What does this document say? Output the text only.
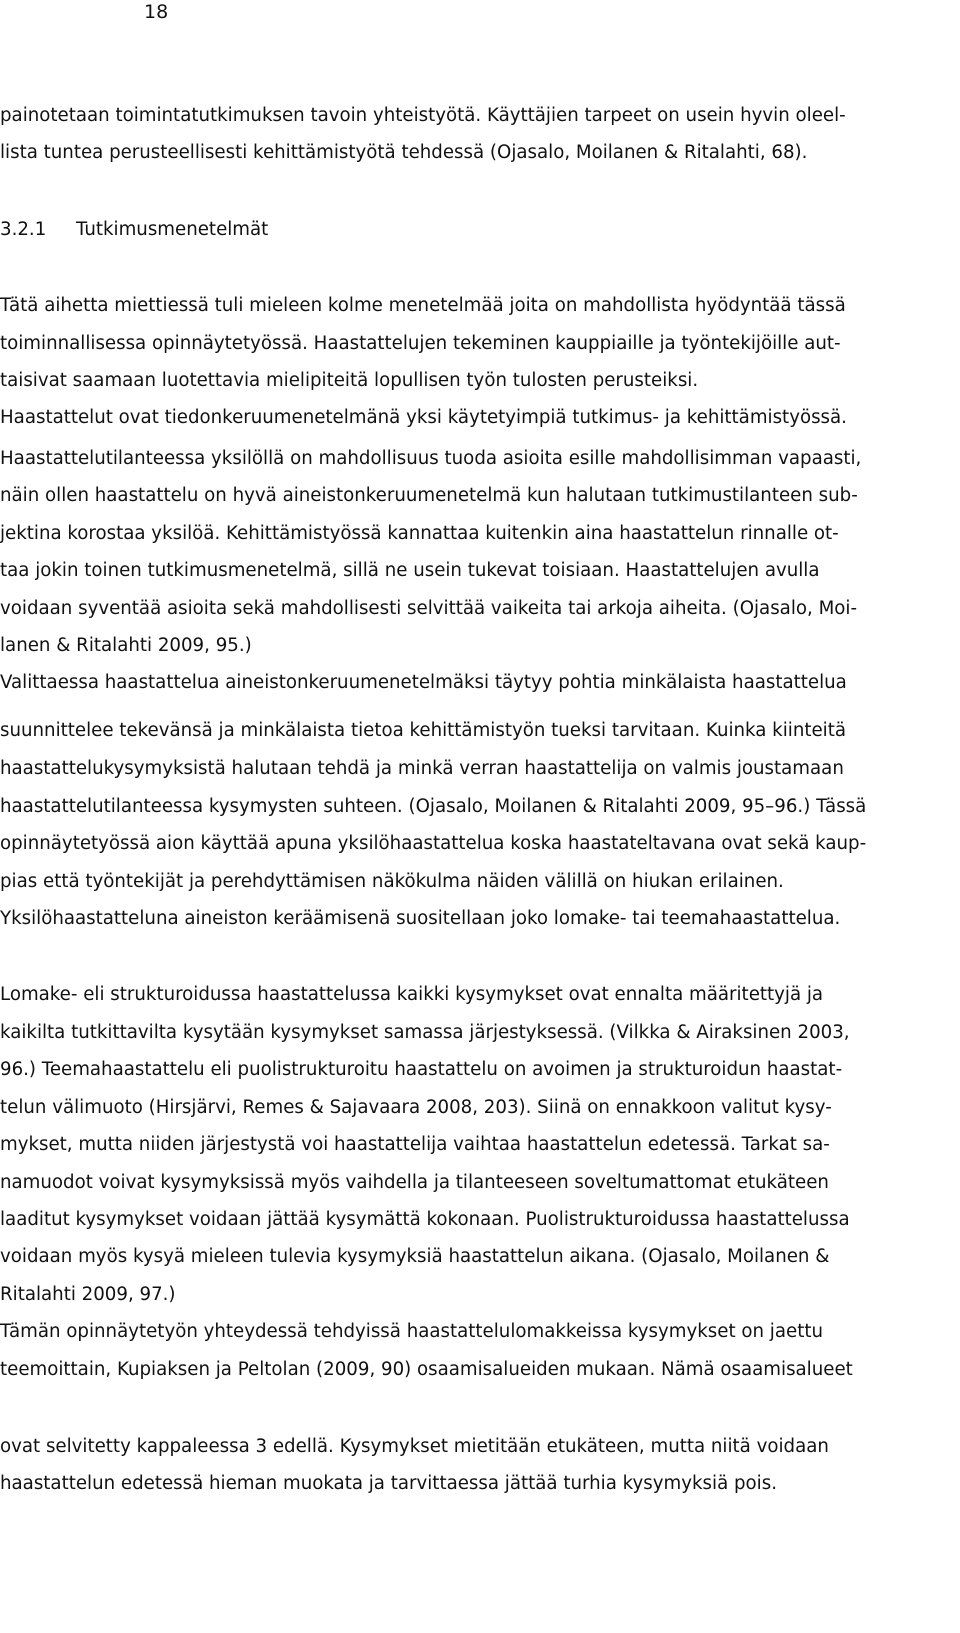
18
painotetaan toimintatutkimuksen tavoin yhteistyötä. Käyttäjien tarpeet on usein hyvin oleel-
lista tuntea perusteellisesti kehittämistyötä tehdessä (Ojasalo, Moilanen & Ritalahti, 68).
3.2.1 Tutkimusmenetelmät
Tätä aihetta miettiessä tuli mieleen kolme menetelmää joita on mahdollista hyödyntää tässä
toiminnallisessa opinnäytetyössä. Haastattelujen tekeminen kauppiaille ja työntekijöille aut-
taisivat saamaan luotettavia mielipiteitä lopullisen työn tulosten perusteiksi.
Haastattelut ovat tiedonkeruumenetelmänä yksi käytetyimpiä tutkimus- ja kehittämistyössä.
Haastattelutilanteessa yksilöllä on mahdollisuus tuoda asioita esille mahdollisimman vapaasti,
näin ollen haastattelu on hyvä aineistonkeruumenetelmä kun halutaan tutkimustilanteen sub-
jektina korostaa yksilöä. Kehittämistyössä kannattaa kuitenkin aina haastattelun rinnalle ot-
taa jokin toinen tutkimusmenetelmä, sillä ne usein tukevat toisiaan. Haastattelujen avulla
voidaan syventää asioita sekä mahdollisesti selvittää vaikeita tai arkoja aiheita. (Ojasalo, Moi-
lanen & Ritalahti 2009, 95.)
Valittaessa haastattelua aineistonkeruumenetelmäksi täytyy pohtia minkälaista haastattelua
suunnittelee tekevänsä ja minkälaista tietoa kehittämistyön tueksi tarvitaan. Kuinka kiinteitä
haastattelukysymyksistä halutaan tehdä ja minkä verran haastattelija on valmis joustamaan
haastattelutilanteessa kysymysten suhteen. (Ojasalo, Moilanen & Ritalahti 2009, 95–96.) Tässä
opinnäytetyössä aion käyttää apuna yksilöhaastattelua koska haastateltavana ovat sekä kaup-
pias että työntekijät ja perehdyttämisen näkökulma näiden välillä on hiukan erilainen.
Yksilöhaastatteluna aineiston keräämisenä suositellaan joko lomake- tai teemahaastattelua.
Lomake- eli strukturoidussa haastattelussa kaikki kysymykset ovat ennalta määritettyjä ja
kaikilta tutkittavilta kysytään kysymykset samassa järjestyksessä. (Vilkka & Airaksinen 2003,
96.) Teemahaastattelu eli puolistrukturoitu haastattelu on avoimen ja strukturoidun haastat-
telun välimuoto (Hirsjärvi, Remes & Sajavaara 2008, 203). Siinä on ennakkoon valitut kysy-
mykset, mutta niiden järjestystä voi haastattelija vaihtaa haastattelun edetessä. Tarkat sa-
namuodot voivat kysymyksissä myös vaihdella ja tilanteeseen soveltumattomat etukäteen
laaditut kysymykset voidaan jättää kysymättä kokonaan. Puolistrukturoidussa haastattelussa
voidaan myös kysyä mieleen tulevia kysymyksiä haastattelun aikana. (Ojasalo, Moilanen &
Ritalahti 2009, 97.)
Tämän opinnäytetyön yhteydessä tehdyissä haastattelulomakkeissa kysymykset on jaettu
teemoittain, Kupiaksen ja Peltolan (2009, 90) osaamisalueiden mukaan. Nämä osaamisalueet
ovat selvitetty kappaleessa 3 edellä. Kysymykset mietitään etukäteen, mutta niitä voidaan
haastattelun edetessä hieman muokata ja tarvittaessa jättää turhia kysymyksiä pois.
